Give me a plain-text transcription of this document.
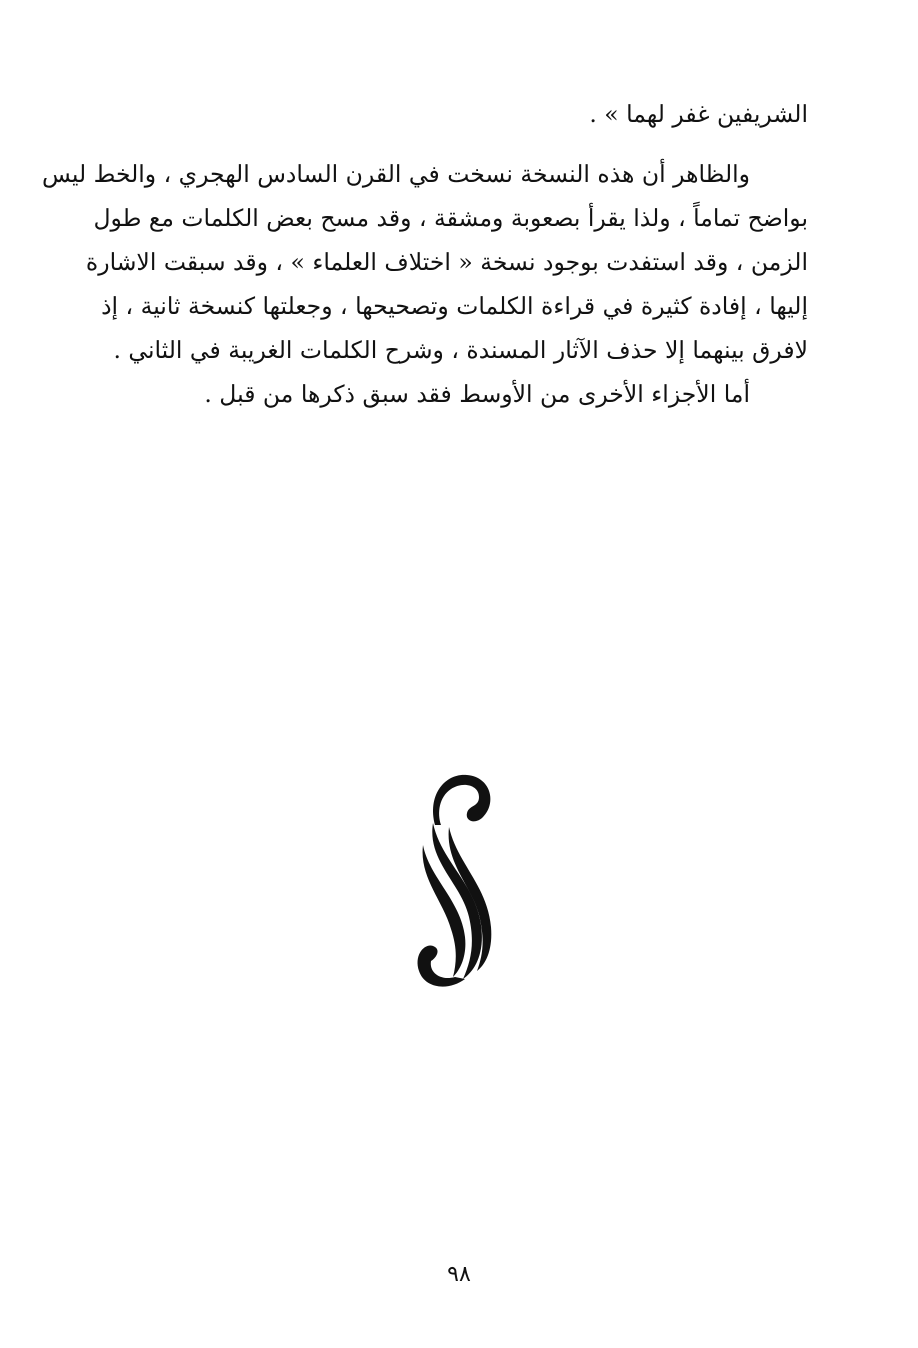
الشريفين غفر لهما » .
والظاهر أن هذه النسخة نسخت في القرن السادس الهجري ، والخط ليس
بواضح تماماً ، ولذا يقرأ بصعوبة ومشقة ، وقد مسح بعض الكلمات مع طول
الزمن ، وقد استفدت بوجود نسخة « اختلاف العلماء » ، وقد سبقت الاشارة
إليها ، إفادة كثيرة في قراءة الكلمات وتصحيحها ، وجعلتها كنسخة ثانية ، إذ
لافرق بينهما إلا حذف الآثار المسندة ، وشرح الكلمات الغريبة في الثاني .
أما الأجزاء الأخرى من الأوسط فقد سبق ذكرها من قبل .
٩٨
